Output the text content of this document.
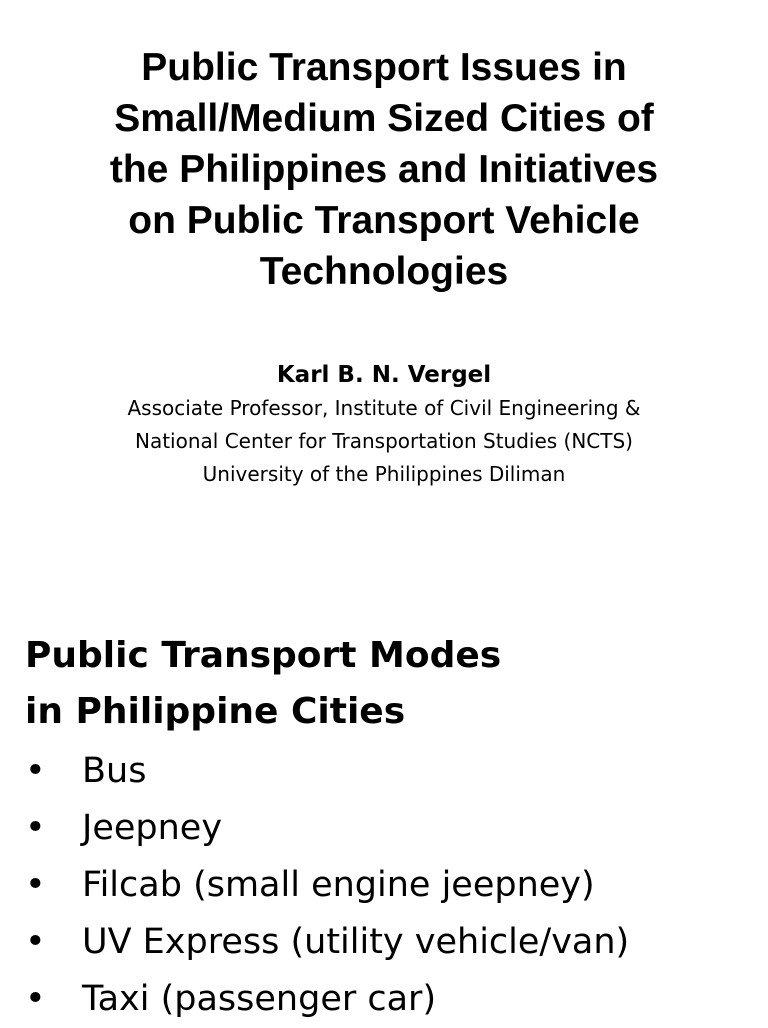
Public Transport Issues in
Small/Medium Sized Cities of
the Philippines and Initiatives
on Public Transport Vehicle
Technologies
Karl B. N. Vergel
Associate Professor, Institute of Civil Engineering &
National Center for Transportation Studies (NCTS)
University of the Philippines Diliman
Public Transport Modes
in Philippine Cities
•	Bus
•	Jeepney
•	Filcab (small engine jeepney)
•	UV Express (utility vehicle/van)
•	Taxi (passenger car)
